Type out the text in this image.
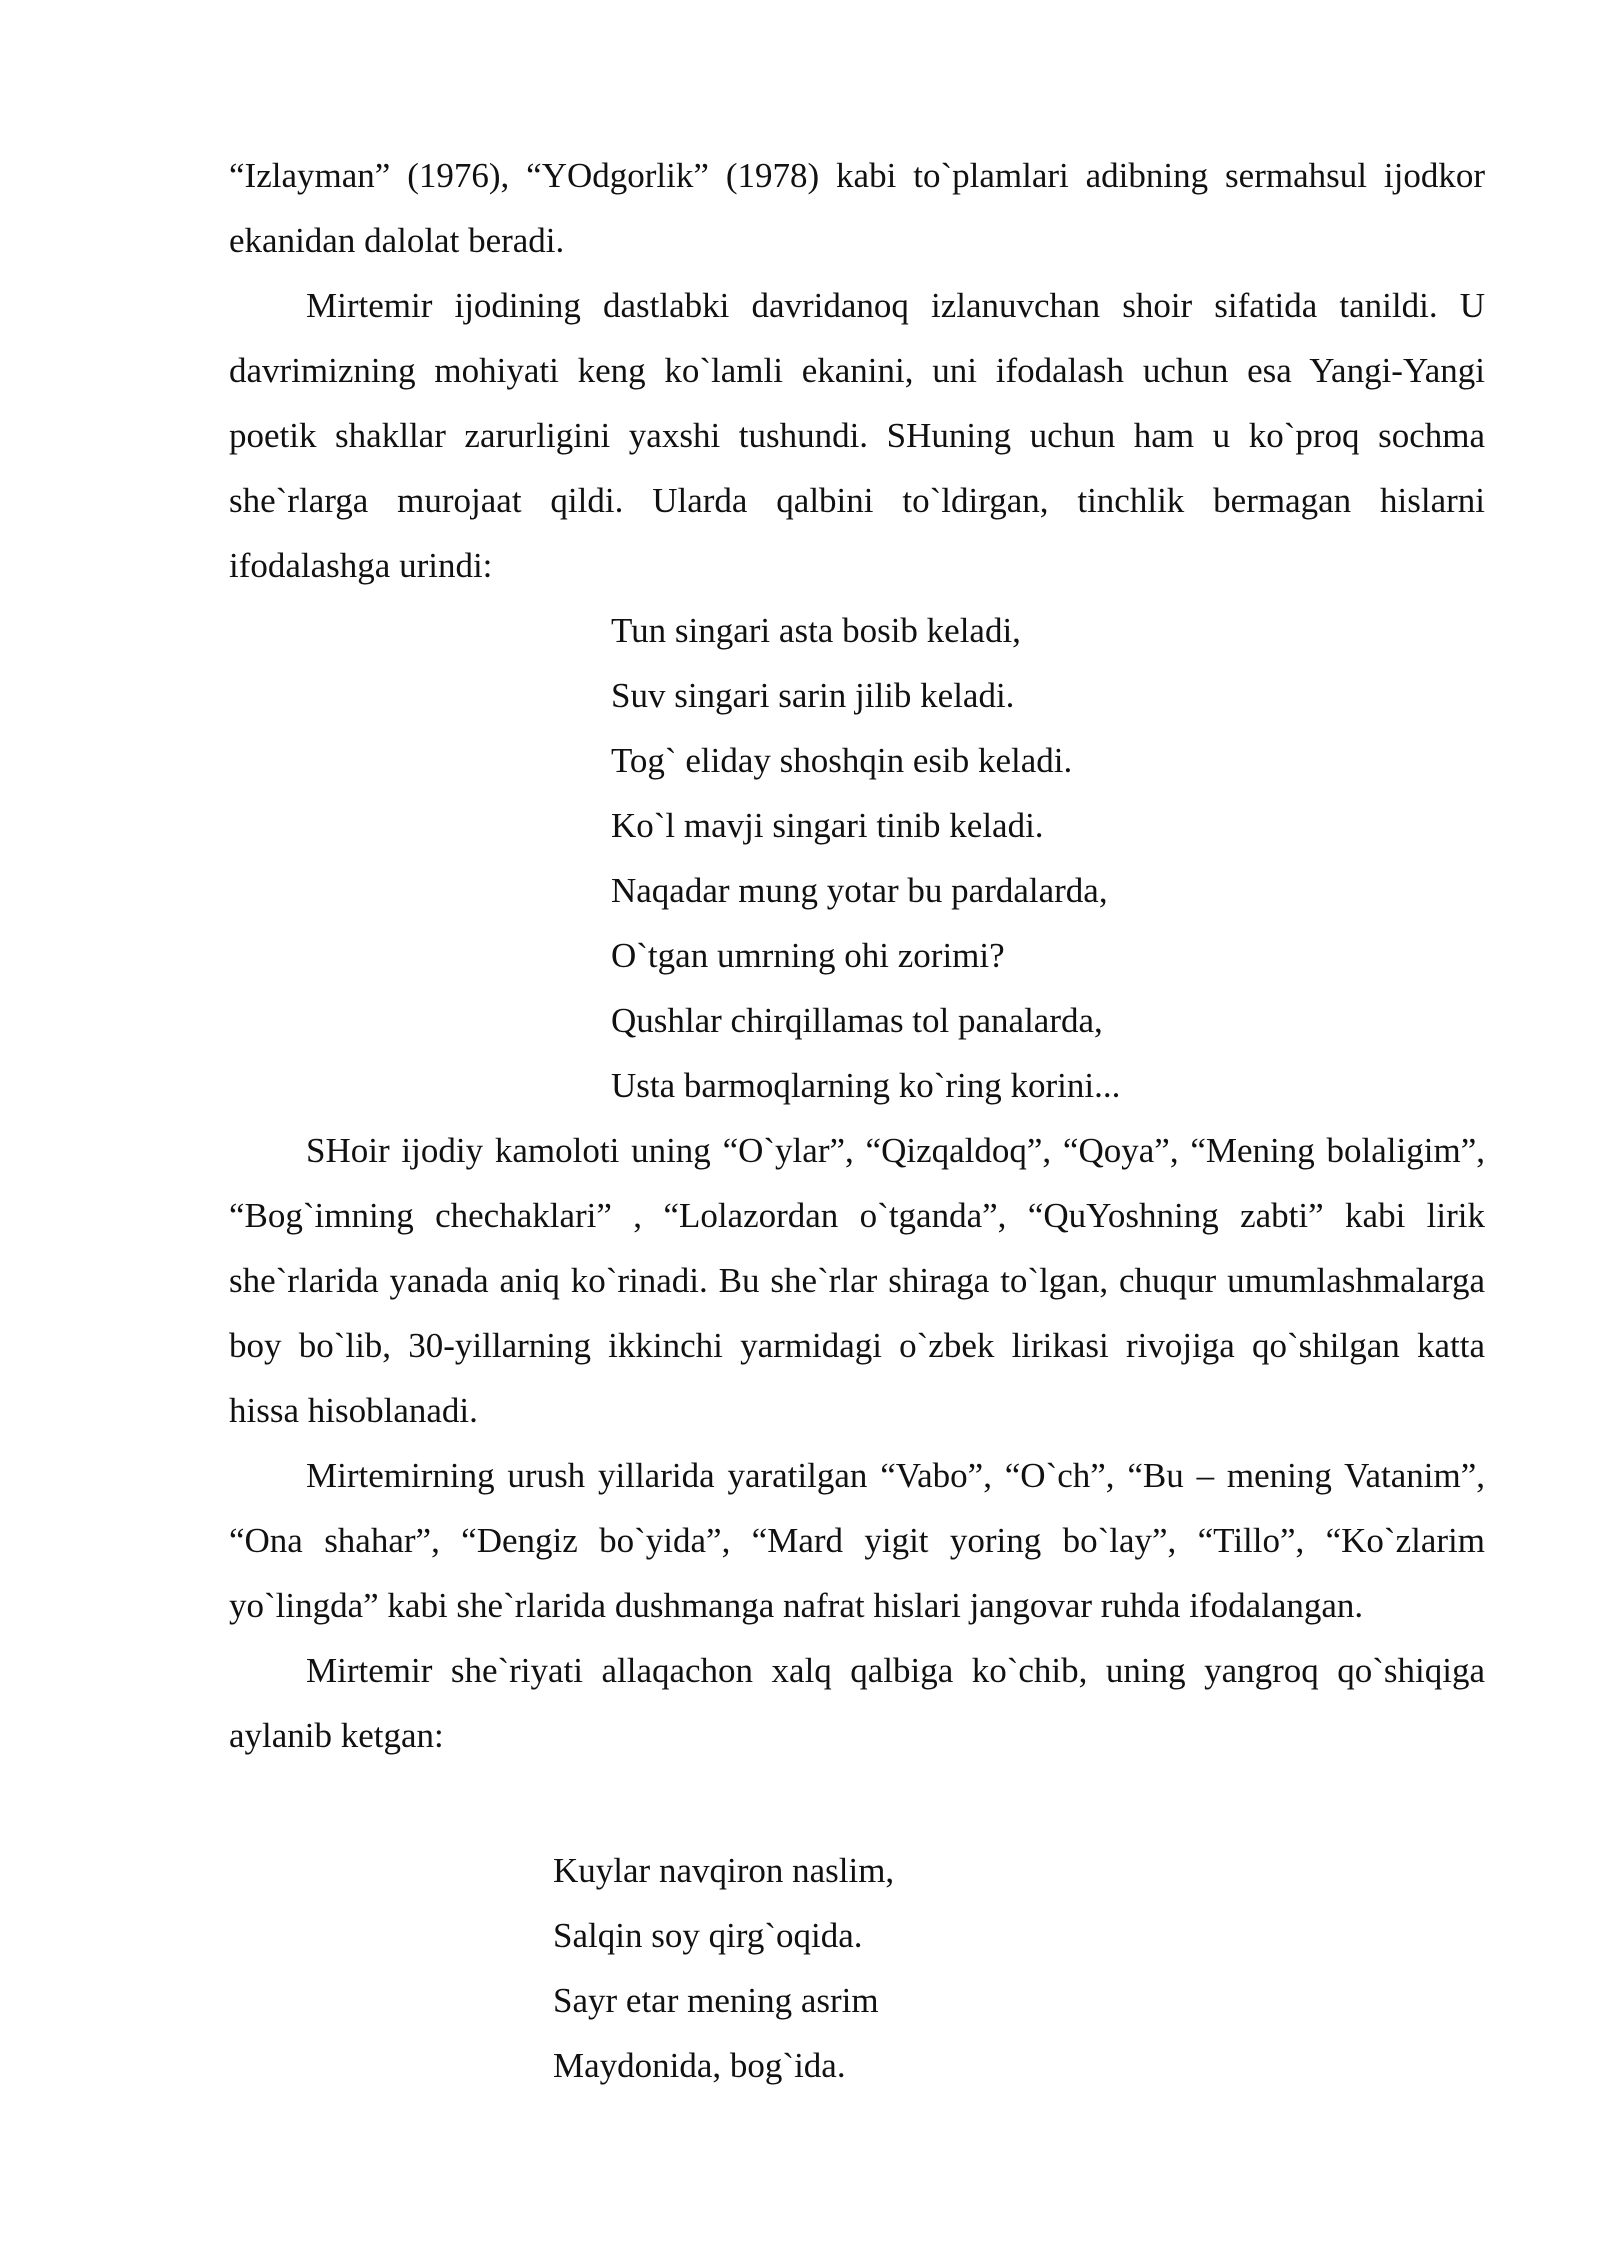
“Izlayman” (1976), “YOdgorlik” (1978) kabi to`plamlari adibning sermahsul ijodkor ekanidan dalolat beradi.

Mirtemir ijodining dastlabki davridanoq izlanuvchan shoir sifatida tanildi. U davrimizning mohiyati keng ko`lamli ekanini, uni ifodalash uchun esa Yangi-Yangi poetik shakllar zarurligini yaxshi tushundi. SHuning uchun ham u ko`proq sochma she`rlarga murojaat qildi. Ularda qalbini to`ldirgan, tinchlik bermagan hislarni ifodalashga urindi:

Tun singari asta bosib keladi,
Suv singari sarin jilib keladi.
Tog` eliday shoshqin esib keladi.
Ko`l mavji singari tinib keladi.
Naqadar mung yotar bu pardalarda,
O`tgan umrning ohi zorimi?
Qushlar chirqillamas tol panalarda,
Usta barmoqlarning ko`ring korini...

SHoir ijodiy kamoloti uning “O`ylar”, “Qizqaldoq”, “Qoya”, “Mening bolaligim”, “Bog`imning chechaklari” , “Lolazordan o`tganda”, “QuYoshning zabti” kabi lirik she`rlarida yanada aniq ko`rinadi. Bu she`rlar shiraga to`lgan, chuqur umumlashmalarga boy bo`lib, 30-yillarning ikkinchi yarmidagi o`zbek lirikasi rivojiga qo`shilgan katta hissa hisoblanadi.

Mirtemirning urush yillarida yaratilgan “Vabo”, “O`ch”, “Bu – mening Vatanim”, “Ona shahar”, “Dengiz bo`yida”, “Mard yigit yoring bo`lay”, “Tillo”, “Ko`zlarim yo`lingda” kabi she`rlarida dushmanga nafrat hislari jangovar ruhda ifodalangan.

Mirtemir she`riyati allaqachon xalq qalbiga ko`chib, uning yangroq qo`shiqiga aylanib ketgan:

Kuylar navqiron naslim,
Salqin soy qirg`oqida.
Sayr etar mening asrim
Maydonida, bog`ida.
